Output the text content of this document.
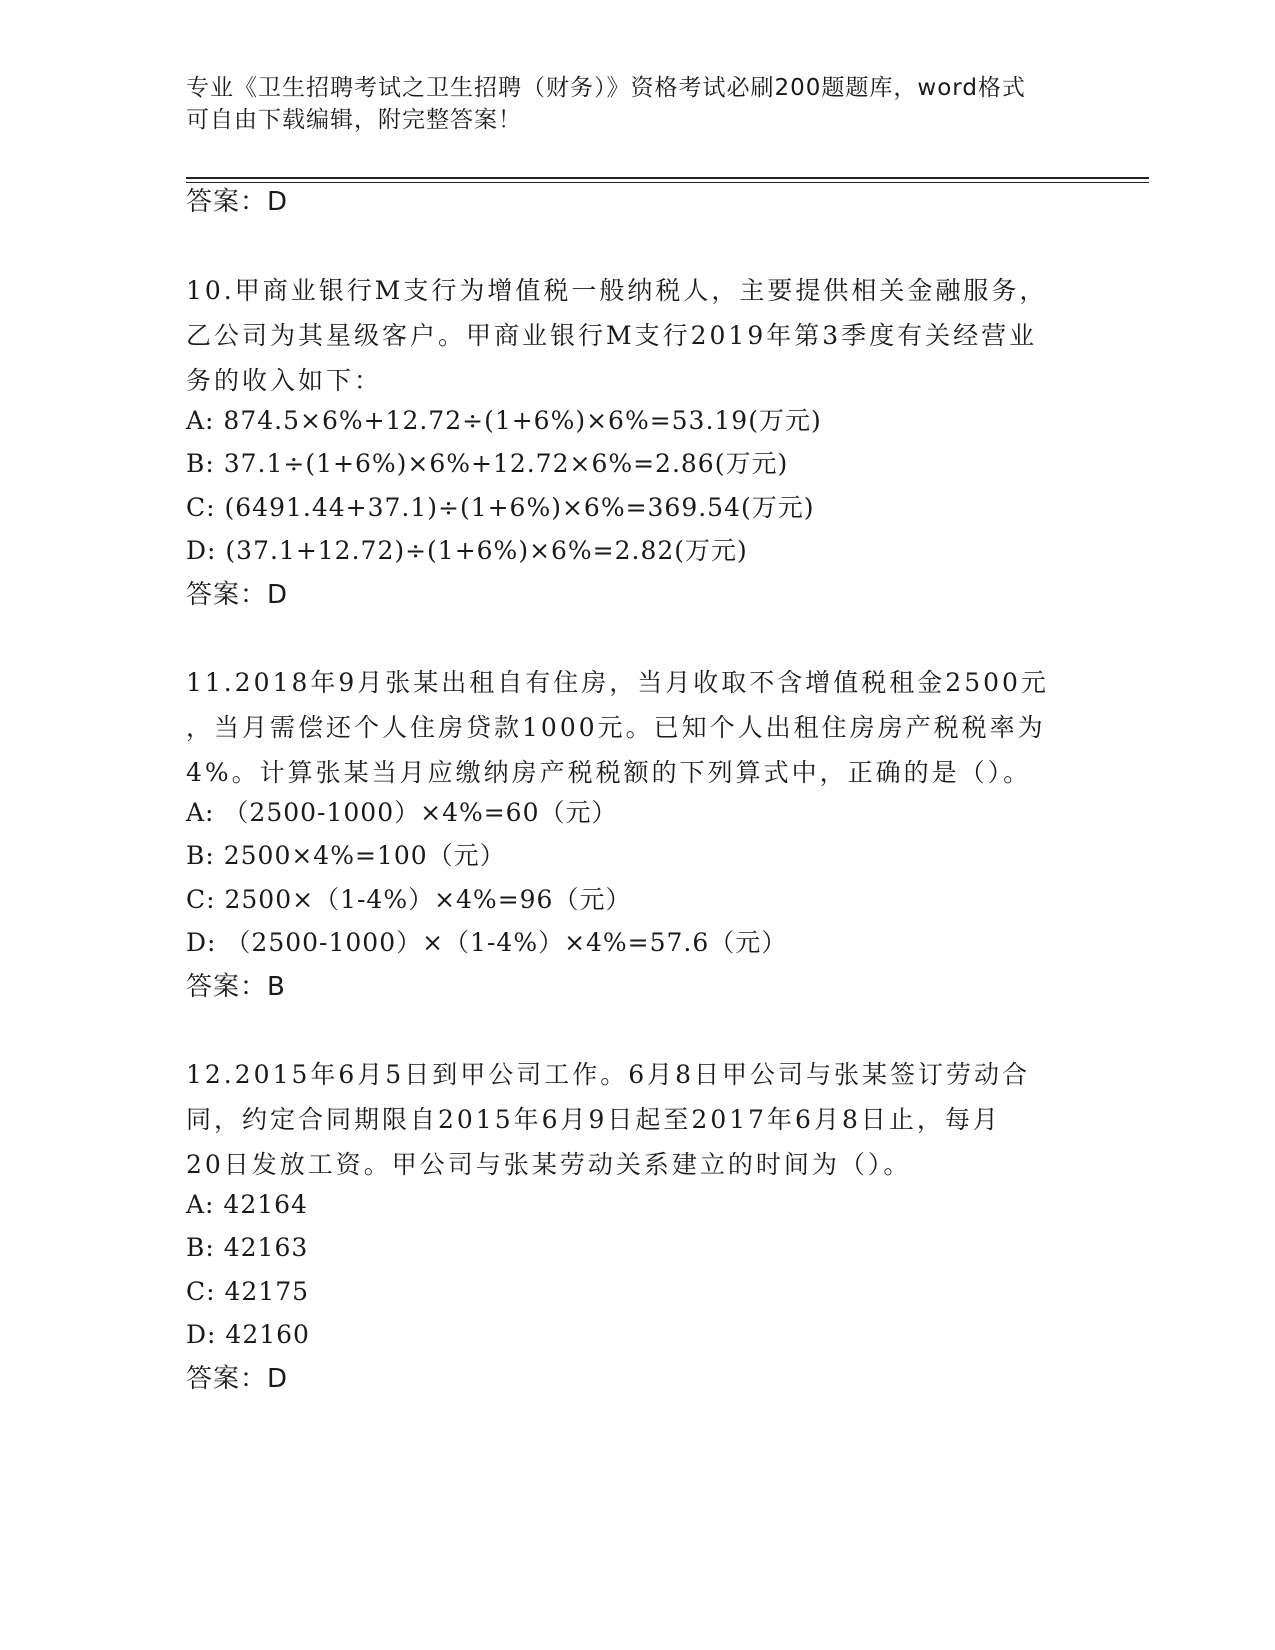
专业《卫生招聘考试之卫生招聘（财务）》资格考试必刷200题题库，word格式
可自由下载编辑，附完整答案！
答案：D
10.甲商业银行M支行为增值税一般纳税人，主要提供相关金融服务，
乙公司为其星级客户。甲商业银行M支行2019年第3季度有关经营业
务的收入如下：
A: 874.5×6%+12.72÷(1+6%)×6%=53.19(万元)
B: 37.1÷(1+6%)×6%+12.72×6%=2.86(万元)
C: (6491.44+37.1)÷(1+6%)×6%=369.54(万元)
D: (37.1+12.72)÷(1+6%)×6%=2.82(万元)
答案：D
11.2018年9月张某出租自有住房，当月收取不含增值税租金2500元
，当月需偿还个人住房贷款1000元。已知个人出租住房房产税税率为
4%。计算张某当月应缴纳房产税税额的下列算式中，正确的是（）。
A: （2500-1000）×4%=60（元）
B: 2500×4%=100（元）
C: 2500×（1-4%）×4%=96（元）
D: （2500-1000）×（1-4%）×4%=57.6（元）
答案：B
12.2015年6月5日到甲公司工作。6月8日甲公司与张某签订劳动合
同，约定合同期限自2015年6月9日起至2017年6月8日止，每月
20日发放工资。甲公司与张某劳动关系建立的时间为（）。
A: 42164
B: 42163
C: 42175
D: 42160
答案：D
